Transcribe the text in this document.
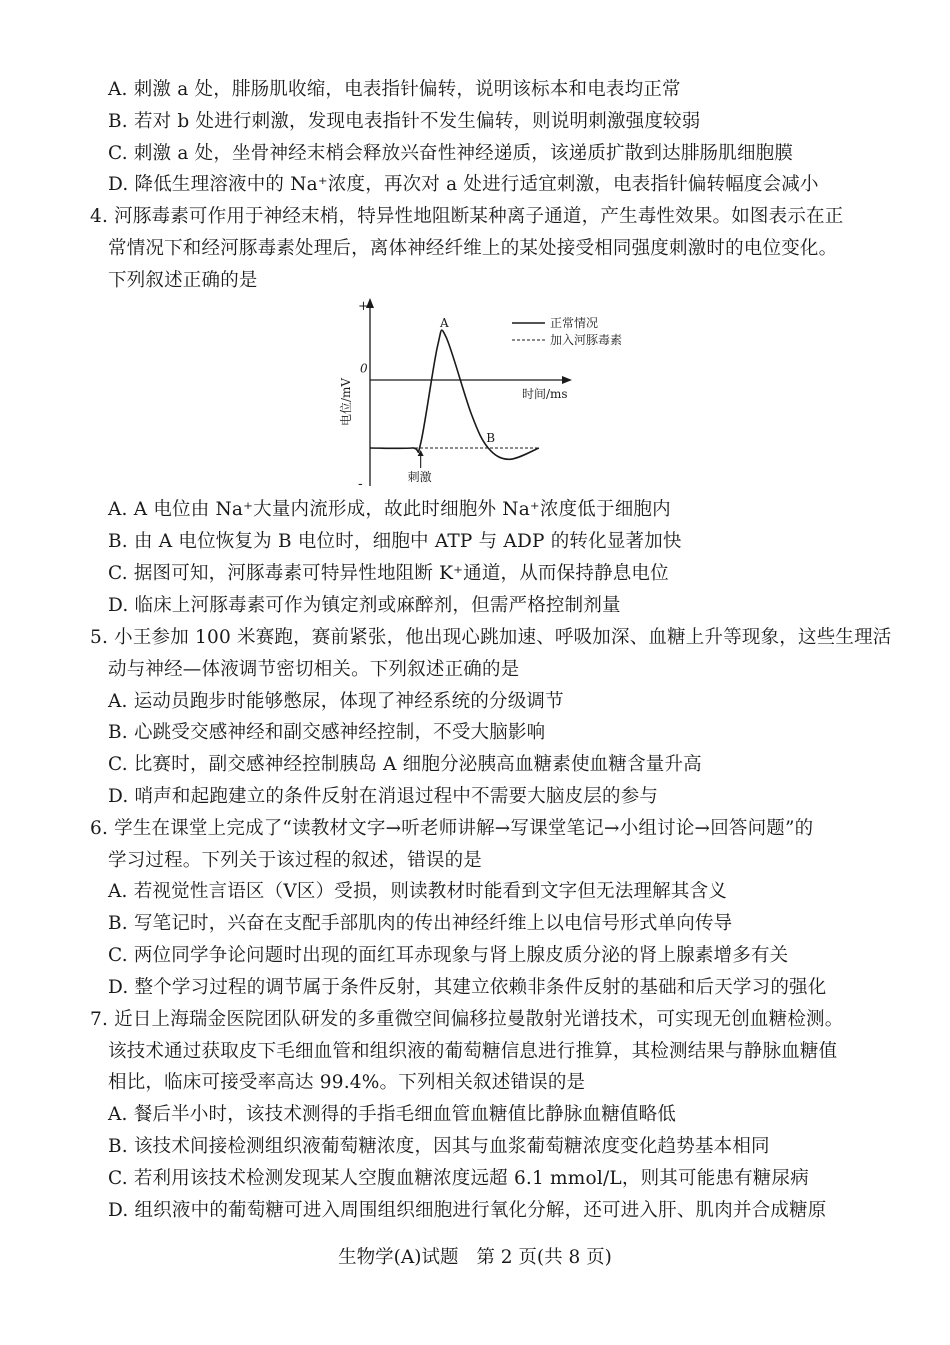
A. 刺激 a 处，腓肠肌收缩，电表指针偏转，说明该标本和电表均正常
B. 若对 b 处进行刺激，发现电表指针不发生偏转，则说明刺激强度较弱
C. 刺激 a 处，坐骨神经末梢会释放兴奋性神经递质，该递质扩散到达腓肠肌细胞膜
D. 降低生理溶液中的 Na⁺浓度，再次对 a 处进行适宜刺激，电表指针偏转幅度会减小
4. 河豚毒素可作用于神经末梢，特异性地阻断某种离子通道，产生毒性效果。如图表示在正
常情况下和经河豚毒素处理后，离体神经纤维上的某处接受相同强度刺激时的电位变化。
下列叙述正确的是
+
-
0
时间/ms
电位/mV
A
B
刺激
正常情况
加入河豚毒素
A. A 电位由 Na⁺大量内流形成，故此时细胞外 Na⁺浓度低于细胞内
B. 由 A 电位恢复为 B 电位时，细胞中 ATP 与 ADP 的转化显著加快
C. 据图可知，河豚毒素可特异性地阻断 K⁺通道，从而保持静息电位
D. 临床上河豚毒素可作为镇定剂或麻醉剂，但需严格控制剂量
5. 小王参加 100 米赛跑，赛前紧张，他出现心跳加速、呼吸加深、血糖上升等现象，这些生理活
动与神经—体液调节密切相关。下列叙述正确的是
A. 运动员跑步时能够憋尿，体现了神经系统的分级调节
B. 心跳受交感神经和副交感神经控制，不受大脑影响
C. 比赛时，副交感神经控制胰岛 A 细胞分泌胰高血糖素使血糖含量升高
D. 哨声和起跑建立的条件反射在消退过程中不需要大脑皮层的参与
6. 学生在课堂上完成了“读教材文字→听老师讲解→写课堂笔记→小组讨论→回答问题”的
学习过程。下列关于该过程的叙述，错误的是
A. 若视觉性言语区（Ⅴ区）受损，则读教材时能看到文字但无法理解其含义
B. 写笔记时，兴奋在支配手部肌肉的传出神经纤维上以电信号形式单向传导
C. 两位同学争论问题时出现的面红耳赤现象与肾上腺皮质分泌的肾上腺素增多有关
D. 整个学习过程的调节属于条件反射，其建立依赖非条件反射的基础和后天学习的强化
7. 近日上海瑞金医院团队研发的多重微空间偏移拉曼散射光谱技术，可实现无创血糖检测。
该技术通过获取皮下毛细血管和组织液的葡萄糖信息进行推算，其检测结果与静脉血糖值
相比，临床可接受率高达 99.4%。下列相关叙述错误的是
A. 餐后半小时，该技术测得的手指毛细血管血糖值比静脉血糖值略低
B. 该技术间接检测组织液葡萄糖浓度，因其与血浆葡萄糖浓度变化趋势基本相同
C. 若利用该技术检测发现某人空腹血糖浓度远超 6.1 mmol/L，则其可能患有糖尿病
D. 组织液中的葡萄糖可进入周围组织细胞进行氧化分解，还可进入肝、肌肉并合成糖原
生物学(A)试题 第 2 页(共 8 页)
